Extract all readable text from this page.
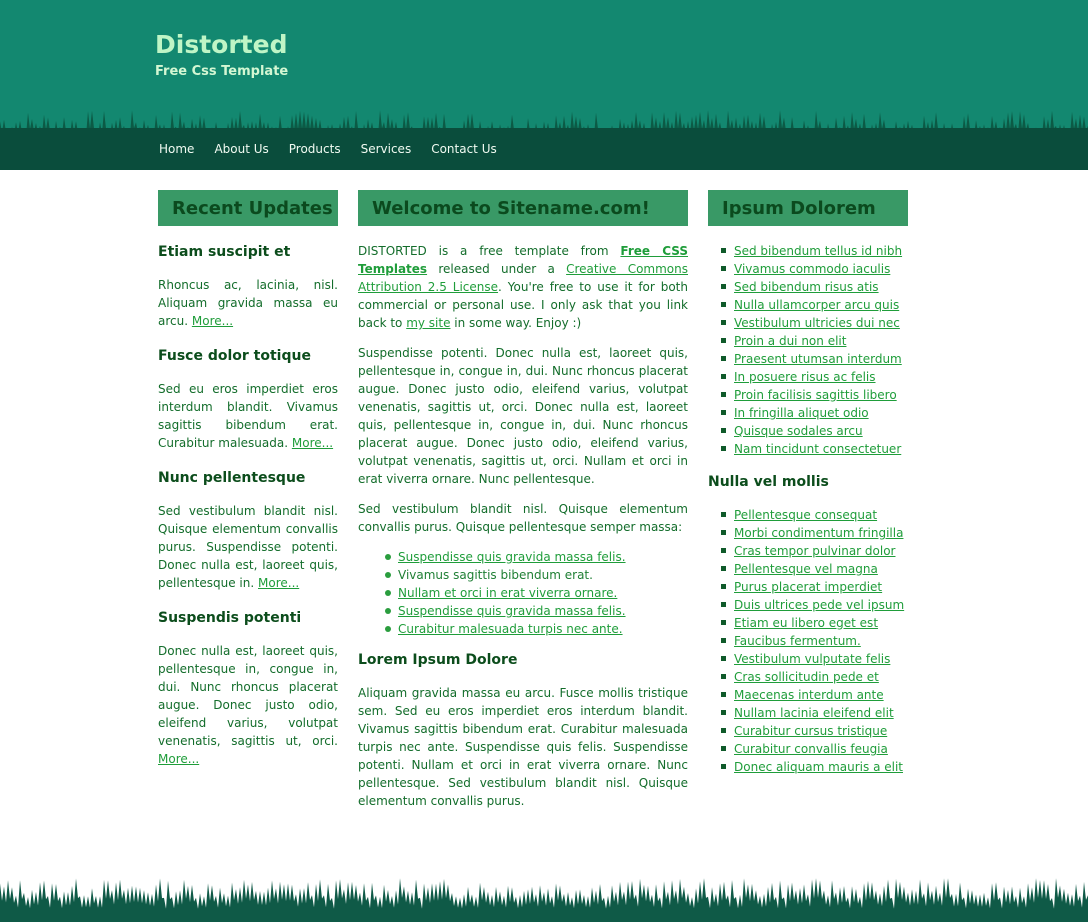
Distorted
Free Css Template
Home About Us Products Services Contact Us
Recent Updates
Etiam suscipit et

Rhoncus ac, lacinia, nisl. Aliquam gravida massa eu arcu. More...

Fusce dolor totique

Sed eu eros imperdiet eros interdum blandit. Vivamus sagittis bibendum erat. Curabitur malesuada. More...

Nunc pellentesque

Sed vestibulum blandit nisl. Quisque elementum convallis purus. Suspendisse potenti. Donec nulla est, laoreet quis, pellentesque in. More...

Suspendis potenti

Donec nulla est, laoreet quis, pellentesque in, congue in, dui. Nunc rhoncus placerat augue. Donec justo odio, eleifend varius, volutpat venenatis, sagittis ut, orci. More...

Welcome to Sitename.com!

DISTORTED is a free template from Free CSS Templates released under a Creative Commons Attribution 2.5 License. You're free to use it for both commercial or personal use. I only ask that you link back to my site in some way. Enjoy :)

Suspendisse potenti. Donec nulla est, laoreet quis, pellentesque in, congue in, dui. Nunc rhoncus placerat augue. Donec justo odio, eleifend varius, volutpat venenatis, sagittis ut, orci. Donec nulla est, laoreet quis, pellentesque in, congue in, dui. Nunc rhoncus placerat augue. Donec justo odio, eleifend varius, volutpat venenatis, sagittis ut, orci. Nullam et orci in erat viverra ornare. Nunc pellentesque.

Sed vestibulum blandit nisl. Quisque elementum convallis purus. Quisque pellentesque semper massa:

Suspendisse quis gravida massa felis.
Vivamus sagittis bibendum erat.
Nullam et orci in erat viverra ornare.
Suspendisse quis gravida massa felis.
Curabitur malesuada turpis nec ante.
Lorem Ipsum Dolore

Aliquam gravida massa eu arcu. Fusce mollis tristique sem. Sed eu eros imperdiet eros interdum blandit. Vivamus sagittis bibendum erat. Curabitur malesuada turpis nec ante. Suspendisse quis felis. Suspendisse potenti. Nullam et orci in erat viverra ornare. Nunc pellentesque. Sed vestibulum blandit nisl. Quisque elementum convallis purus.

Ipsum Dolorem
Sed bibendum tellus id nibh
Vivamus commodo iaculis
Sed bibendum risus atis
Nulla ullamcorper arcu quis
Vestibulum ultricies dui nec
Proin a dui non elit
Praesent utumsan interdum
In posuere risus ac felis
Proin facilisis sagittis libero
In fringilla aliquet odio
Quisque sodales arcu
Nam tincidunt consectetuer
Nulla vel mollis
Pellentesque consequat
Morbi condimentum fringilla
Cras tempor pulvinar dolor
Pellentesque vel magna
Purus placerat imperdiet
Duis ultrices pede vel ipsum
Etiam eu libero eget est
Faucibus fermentum.
Vestibulum vulputate felis
Cras sollicitudin pede et
Maecenas interdum ante
Nullam lacinia eleifend elit
Curabitur cursus tristique
Curabitur convallis feugia
Donec aliquam mauris a elit
